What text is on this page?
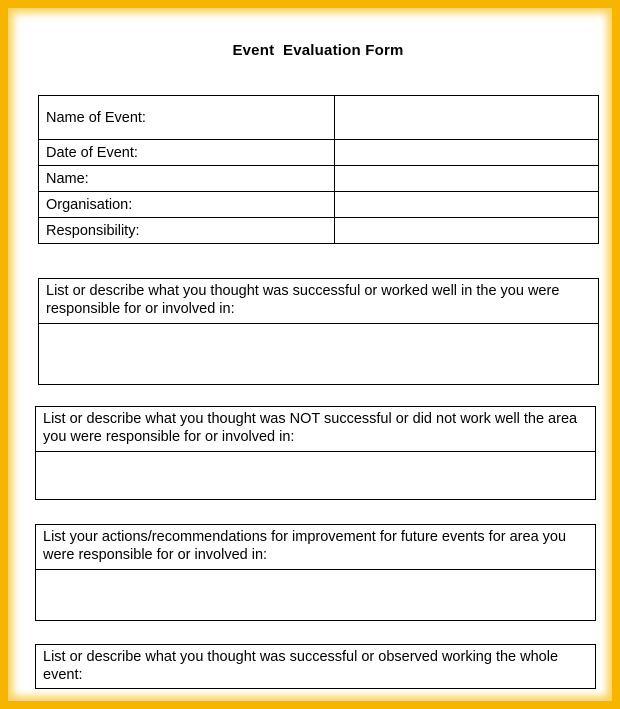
Event  Evaluation Form
Name of Event:	
Date of Event:	
Name:	
Organisation:	
Responsibility:	
List or describe what you thought was successful or worked well in the you were responsible for or involved in:
List or describe what you thought was NOT successful or did not work well the area you were responsible for or involved in:
List your actions/recommendations for improvement for future events for area you were responsible for or involved in:
List or describe what you thought was successful or observed working the whole event:
